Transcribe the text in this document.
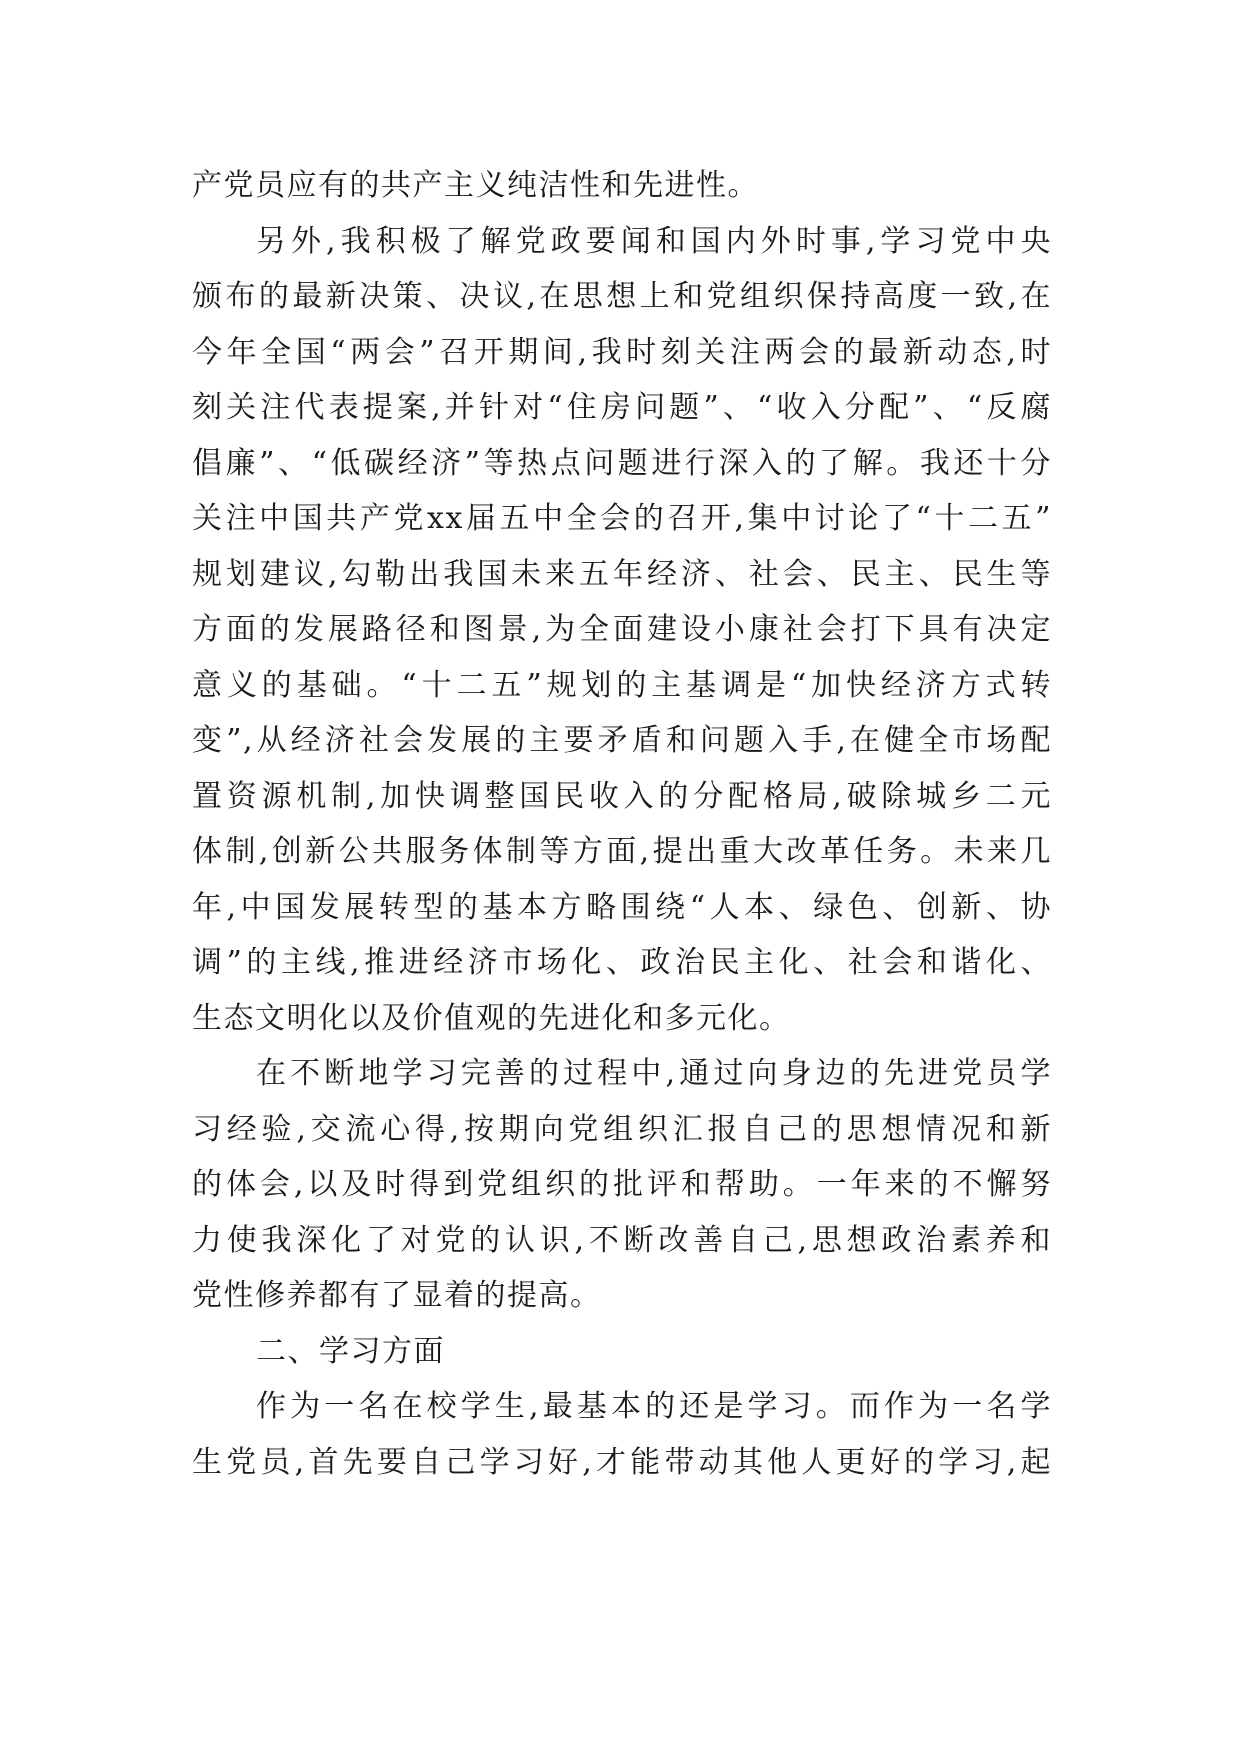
产党员应有的共产主义纯洁性和先进性。
另外,我积极了解党政要闻和国内外时事,学习党中央
颁布的最新决策、决议,在思想上和党组织保持高度一致,在
今年全国“两会”召开期间,我时刻关注两会的最新动态,时
刻关注代表提案,并针对“住房问题”、“收入分配”、“反腐
倡廉”、“低碳经济”等热点问题进行深入的了解。我还十分
关注中国共产党xx届五中全会的召开,集中讨论了“十二五”
规划建议,勾勒出我国未来五年经济、社会、民主、民生等
方面的发展路径和图景,为全面建设小康社会打下具有决定
意义的基础。“十二五”规划的主基调是“加快经济方式转
变”,从经济社会发展的主要矛盾和问题入手,在健全市场配
置资源机制,加快调整国民收入的分配格局,破除城乡二元
体制,创新公共服务体制等方面,提出重大改革任务。未来几
年,中国发展转型的基本方略围绕“人本、绿色、创新、协
调”的主线,推进经济市场化、政治民主化、社会和谐化、
生态文明化以及价值观的先进化和多元化。
在不断地学习完善的过程中,通过向身边的先进党员学
习经验,交流心得,按期向党组织汇报自己的思想情况和新
的体会,以及时得到党组织的批评和帮助。一年来的不懈努
力使我深化了对党的认识,不断改善自己,思想政治素养和
党性修养都有了显着的提高。
二、学习方面
作为一名在校学生,最基本的还是学习。而作为一名学
生党员,首先要自己学习好,才能带动其他人更好的学习,起
